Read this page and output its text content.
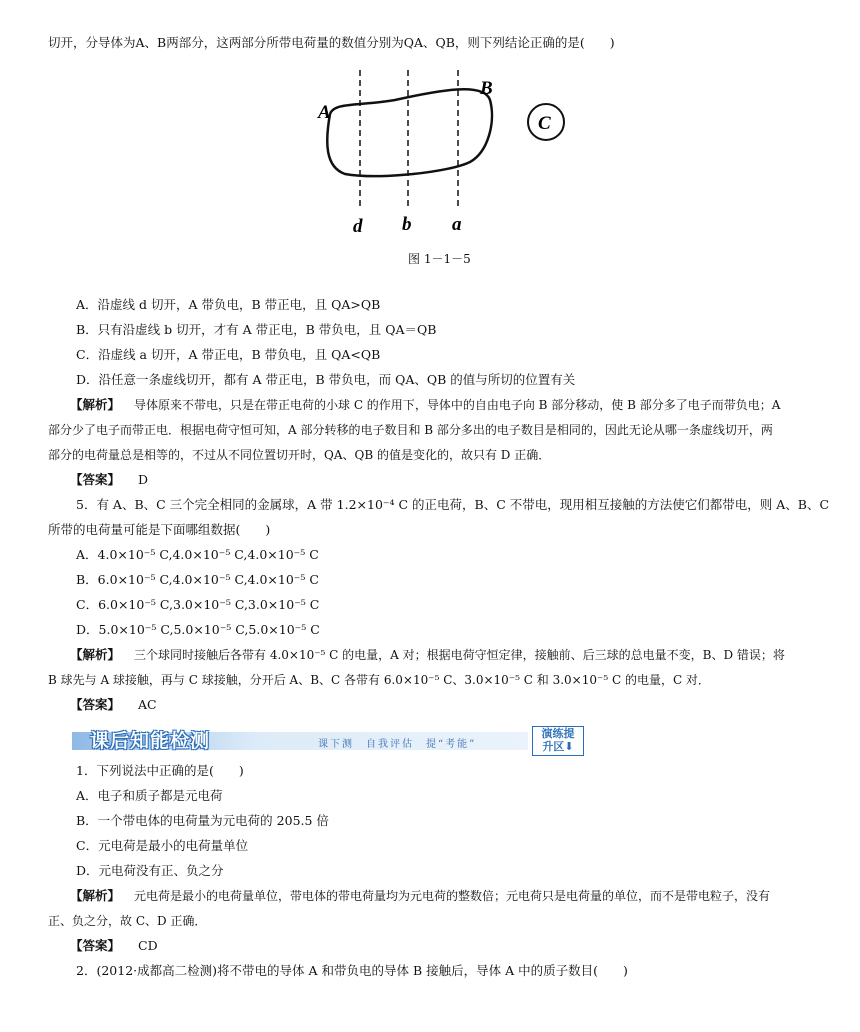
切开，分导体为A、B两部分，这两部分所带电荷量的数值分别为QA、QB，则下列结论正确的是(　　)
A
B
C
d b a
图 1－1－5
A．沿虚线 d 切开，A 带负电，B 带正电，且 QA>QB
B．只有沿虚线 b 切开，才有 A 带正电，B 带负电，且 QA＝QB
C．沿虚线 a 切开，A 带正电，B 带负电，且 QA<QB
D．沿任意一条虚线切开，都有 A 带正电，B 带负电，而 QA、QB 的值与所切的位置有关
【解析】 导体原来不带电，只是在带正电荷的小球 C 的作用下，导体中的自由电子向 B 部分移动，使 B 部分多了电子而带负电；A
部分少了电子而带正电．根据电荷守恒可知，A 部分转移的电子数目和 B 部分多出的电子数目是相同的，因此无论从哪一条虚线切开，两
部分的电荷量总是相等的，不过从不同位置切开时，QA、QB 的值是变化的，故只有 D 正确．
【答案】 D
5．有 A、B、C 三个完全相同的金属球，A 带 1.2×10⁻⁴ C 的正电荷，B、C 不带电，现用相互接触的方法使它们都带电，则 A、B、C
所带的电荷量可能是下面哪组数据(　　)
A．4.0×10⁻⁵ C,4.0×10⁻⁵ C,4.0×10⁻⁵ C
B．6.0×10⁻⁵ C,4.0×10⁻⁵ C,4.0×10⁻⁵ C
C．6.0×10⁻⁵ C,3.0×10⁻⁵ C,3.0×10⁻⁵ C
D．5.0×10⁻⁵ C,5.0×10⁻⁵ C,5.0×10⁻⁵ C
【解析】 三个球同时接触后各带有 4.0×10⁻⁵ C 的电量，A 对；根据电荷守恒定律，接触前、后三球的总电量不变，B、D 错误；将
B 球先与 A 球接触，再与 C 球接触，分开后 A、B、C 各带有 6.0×10⁻⁵ C、3.0×10⁻⁵ C 和 3.0×10⁻⁵ C 的电量，C 对．
【答案】 AC
课后知能检测	课下测　自我评估　提“考能”
演练提
升区⬇
1．下列说法中正确的是(　　)
A．电子和质子都是元电荷
B．一个带电体的电荷量为元电荷的 205.5 倍
C．元电荷是最小的电荷量单位
D．元电荷没有正、负之分
【解析】 元电荷是最小的电荷量单位，带电体的带电荷量均为元电荷的整数倍；元电荷只是电荷量的单位，而不是带电粒子，没有
正、负之分，故 C、D 正确．
【答案】 CD
2．(2012·成都高二检测)将不带电的导体 A 和带负电的导体 B 接触后，导体 A 中的质子数目(　　)
